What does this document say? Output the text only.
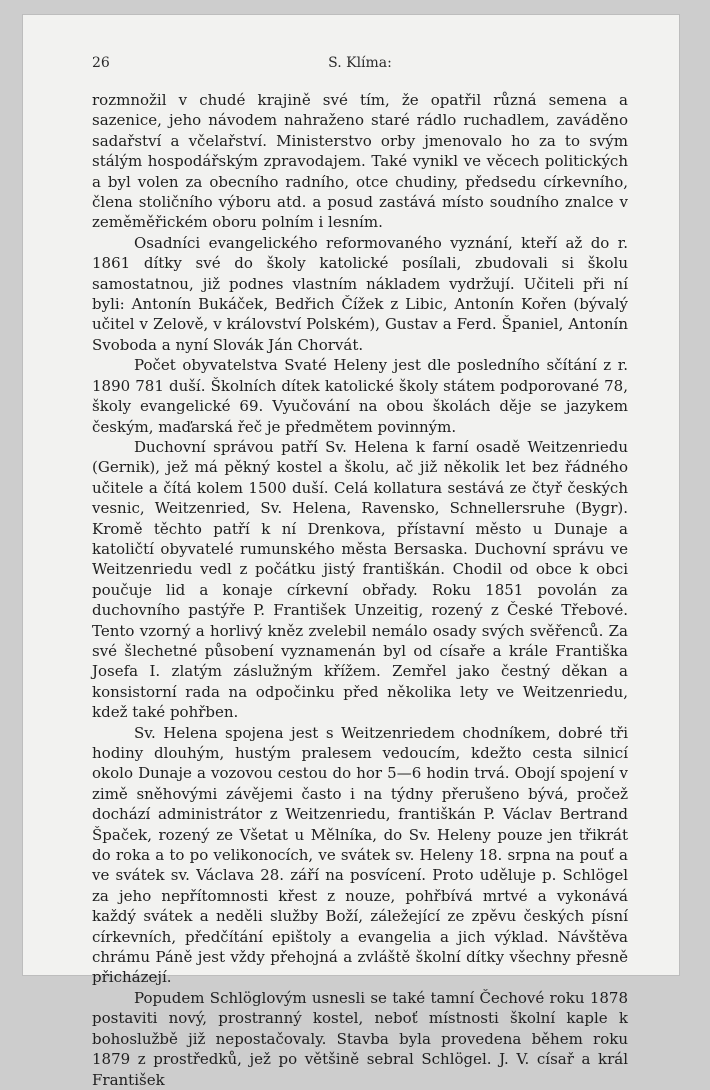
26	S. Klíma:

rozmnožil v chudé krajině své tím, že opatřil různá semena a sazenice, jeho návodem nahraženo staré rádlo ruchadlem, zaváděno sadařství a včelařství. Ministerstvo orby jmenovalo ho za to svým stálým hospodářským zpravodajem. Také vynikl ve věcech politických a byl volen za obecního radního, otce chudiny, předsedu církevního, člena stoličního výboru atd. a posud zastává místo soudního znalce v zeměměřickém oboru polním i lesním.

Osadníci evangelického reformovaného vyznání, kteří až do r. 1861 dítky své do školy katolické posílali, zbudovali si školu samostatnou, již podnes vlastním nákladem vydržují. Učiteli při ní byli: Antonín Bukáček, Bedřich Čížek z Libic, Antonín Kořen (bývalý učitel v Zelově, v království Polském), Gustav a Ferd. Španiel, Antonín Svoboda a nyní Slovák Ján Chorvát.

Počet obyvatelstva Svaté Heleny jest dle posledního sčítání z r. 1890 781 duší. Školních dítek katolické školy státem podporované 78, školy evangelické 69. Vyučování na obou školách děje se jazykem českým, maďarská řeč je předmětem povinným.

Duchovní správou patří Sv. Helena k farní osadě Weitzenriedu (Gernik), jež má pěkný kostel a školu, ač již několik let bez řádného učitele a čítá kolem 1500 duší. Celá kollatura sestává ze čtyř českých vesnic, Weitzenried, Sv. Helena, Ravensko, Schnellersruhe (Bygr). Kromě těchto patří k ní Drenkova, přístavní město u Dunaje a katoličtí obyvatelé rumunského města Bersaska. Duchovní správu ve Weitzenriedu vedl z počátku jistý františkán. Chodil od obce k obci poučuje lid a konaje církevní obřady. Roku 1851 povolán za duchovního pastýře P. František Unzeitig, rozený z České Třebové. Tento vzorný a horlivý kněz zvelebil nemálo osady svých svěřenců. Za své šlechetné působení vyznamenán byl od císaře a krále Františka Josefa I. zlatým záslužným křížem. Zemřel jako čestný děkan a konsistorní rada na odpočinku před několika lety ve Weitzenriedu, kdež také pohřben.

Sv. Helena spojena jest s Weitzenriedem chodníkem, dobré tři hodiny dlouhým, hustým pralesem vedoucím, kdežto cesta silnicí okolo Dunaje a vozovou cestou do hor 5—6 hodin trvá. Obojí spojení v zimě sněhovými závějemi často i na týdny přerušeno bývá, pročež dochází administrátor z Weitzenriedu, františkán P. Václav Bertrand Špaček, rozený ze Všetat u Mělníka, do Sv. Heleny pouze jen třikrát do roka a to po velikonocích, ve svátek sv. Heleny 18. srpna na pouť a ve svátek sv. Václava 28. září na posvícení. Proto uděluje p. Schlögel za jeho nepřítomnosti křest z nouze, pohřbívá mrtvé a vykonává každý svátek a neděli služby Boží, záležející ze zpěvu českých písní církevních, předčítání epištoly a evangelia a jich výklad. Návštěva chrámu Páně jest vždy přehojná a zvláště školní dítky všechny přesně přicházejí.

Popudem Schlöglovým usnesli se také tamní Čechové roku 1878 postaviti nový, prostranný kostel, neboť místnosti školní kaple k bohoslužbě již nepostačovaly. Stavba byla provedena během roku 1879 z prostředků, jež po většině sebral Schlögel. J. V. císař a král František
